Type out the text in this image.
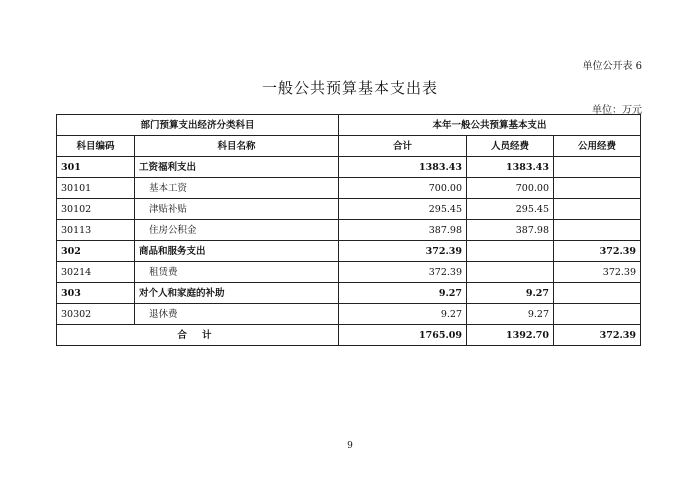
单位公开表 6
一般公共预算基本支出表
单位：万元
部门预算支出经济分类科目		本年一般公共预算基本支出		
科目编码	科目名称	合计	人员经费	公用经费
301	工资福利支出	1383.43	1383.43	
30101	基本工资	700.00	700.00	
30102	津贴补贴	295.45	295.45	
30113	住房公积金	387.98	387.98	
302	商品和服务支出	372.39		372.39
30214	租赁费	372.39		372.39
303	对个人和家庭的补助	9.27	9.27	
30302	退休费	9.27	9.27	
合 计		1765.09	1392.70	372.39
9
